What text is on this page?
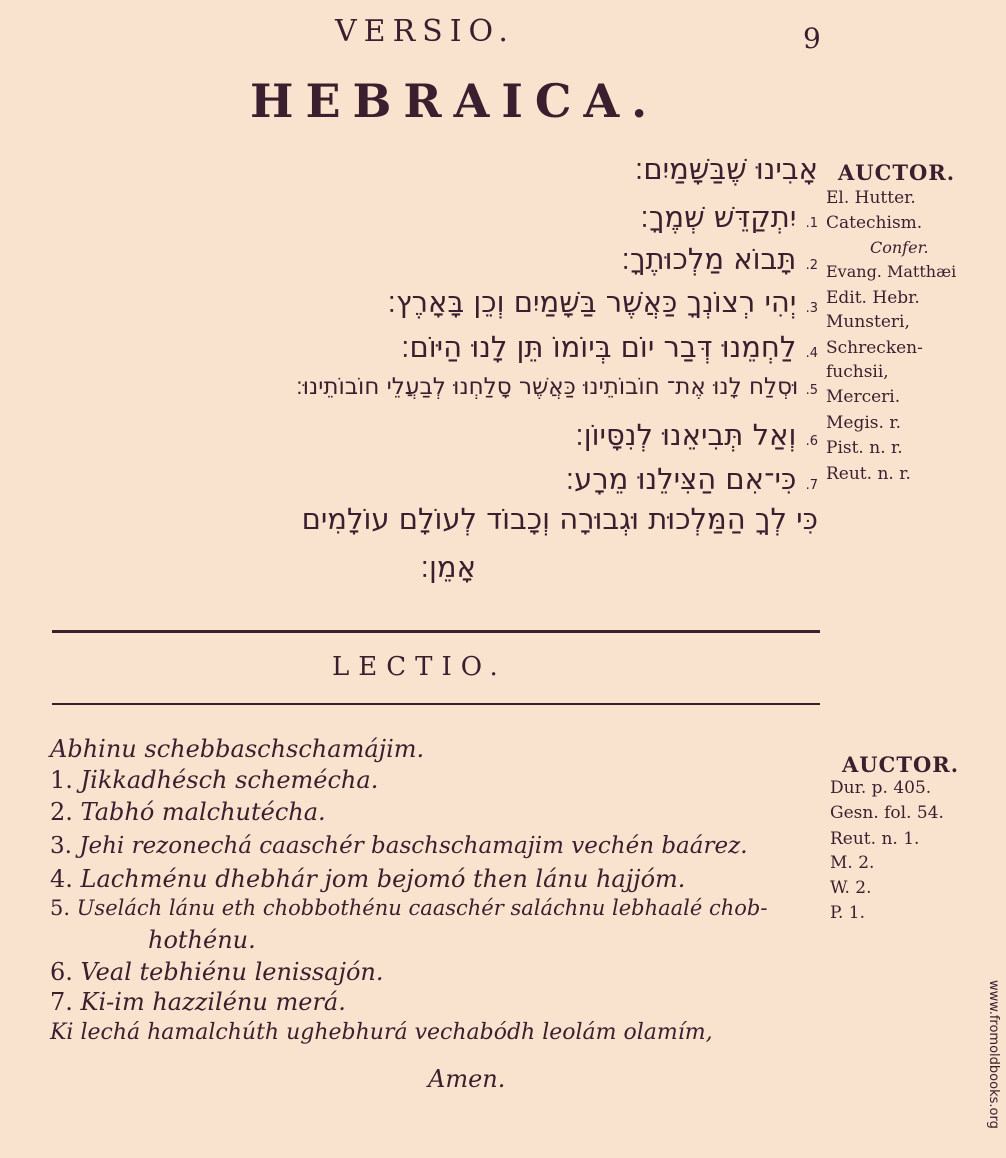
VERSIO.	9
HEBRAICA.
אָבִינוּ שֶׁבַּשָּׁמַיִם׃
1. יִתְקַדֵּשׁ שְׁמֶךָ׃
2. תָּבוֹא מַלְכוּתֶךָ׃
3. יְהִי רְצוֹנְךָ כַּאֲשֶׁר בַּשָּׁמַיִם וְכֵן בָּאָרֶץ׃
4. לַחְמֵנוּ דְּבַר יוֹם בְּיוֹמוֹ תֵּן לָנוּ הַיּוֹם׃
5. וּסְלַח לָנוּ אֶת־ חוֹבוֹתֵינוּ כַּאֲשֶׁר סָלַחְנוּ לְבַעֲלֵי חוֹבוֹתֵינוּ׃
6. וְאַל תְּבִיאֵנוּ לְנִסָּיוֹן׃
7. כִּי־אִם הַצִּילֵנוּ מֵרָע׃
כִּי לְךָ הַמַּלְכוּת וּגְבוּרָה וְכָבוֹד לְעוֹלָם עוֹלָמִים
אָמֵן׃
AUCTOR.
El. Hutter.
Catechism.
Confer.
Evang. Matthæi
Edit. Hebr.
Munsteri,
Schrecken-
fuchsii,
Merceri.
Megis. r.
Pist. n. r.
Reut. n. r.
LECTIO.
Abhinu schebbaschschamájim.
1. Jikkadhésch schemécha.
2. Tabhó malchutécha.
3. Jehi rezonechá caaschér baschschamajim vechén baárez.
4. Lachménu dhebhár jom bejomó then lánu hajjóm.
5. Uselách lánu eth chobbothénu caaschér saláchnu lebhaalé chob-
hothénu.
6. Veal tebhiénu lenissajón.
7. Ki-im hazzilénu merá.
Ki lechá hamalchúth ughebhurá vechabódh leolám olamím,
Amen.
AUCTOR.
Dur. p. 405.
Gesn. fol. 54.
Reut. n. 1.
M. 2.
W. 2.
P. 1.
www.fromoldbooks.org
